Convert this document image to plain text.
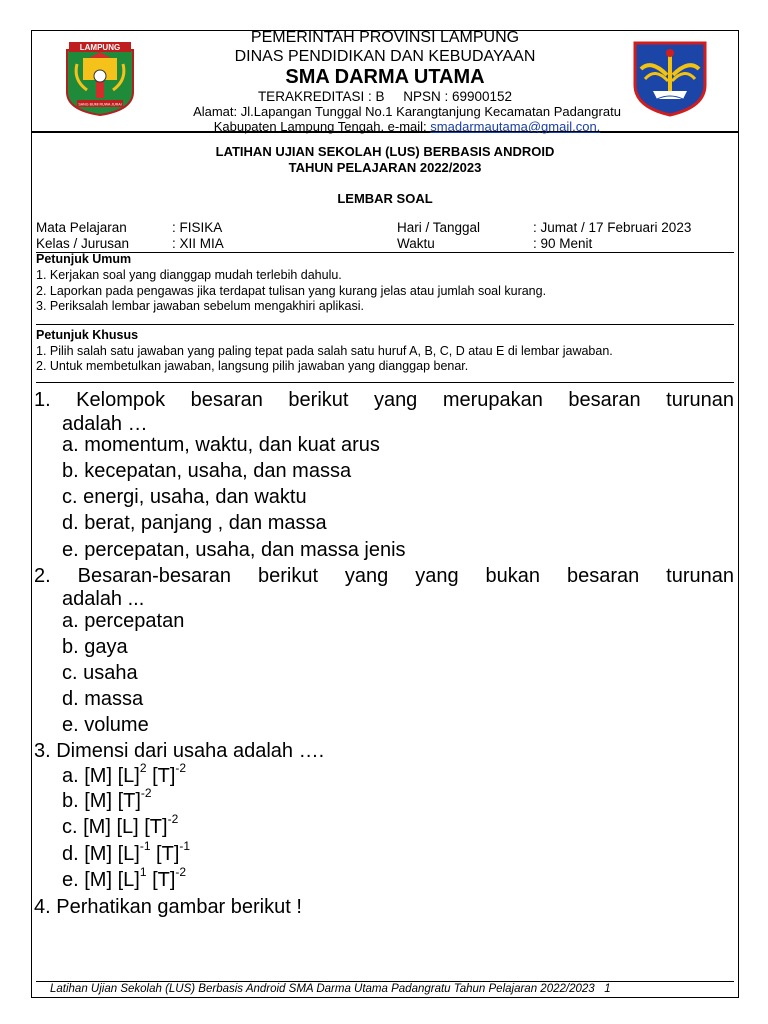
LAMPUNG
SANG BUMI RUWA JURAI
PEMERINTAH PROVINSI LAMPUNG
DINAS PENDIDIKAN DAN KEBUDAYAAN
SMA DARMA UTAMA
TERAKREDITASI : B     NPSN : 69900152
Alamat: Jl.Lapangan Tunggal No.1 Karangtanjung Kecamatan Padangratu
Kabupaten Lampung Tengah, e-mail: smadarmautama@gmail.con.
LATIHAN UJIAN SEKOLAH (LUS) BERBASIS ANDROID
TAHUN PELAJARAN 2022/2023
LEMBAR SOAL
Mata Pelajaran	: FISIKA	Hari / Tanggal	: Jumat / 17 Februari 2023
Kelas / Jurusan	: XII MIA	Waktu	: 90 Menit
Petunjuk Umum
1. Kerjakan soal yang dianggap mudah terlebih dahulu.
2. Laporkan pada pengawas jika terdapat tulisan yang kurang jelas atau jumlah soal kurang.
3. Periksalah lembar jawaban sebelum mengakhiri aplikasi.
Petunjuk Khusus
1. Pilih salah satu jawaban yang paling tepat pada salah satu huruf A, B, C, D atau E di lembar jawaban.
2. Untuk membetulkan jawaban, langsung pilih jawaban yang dianggap benar.
1. Kelompok besaran berikut yang merupakan besaran turunan
adalah …
a. momentum, waktu, dan kuat arus
b. kecepatan, usaha, dan massa
c. energi, usaha, dan waktu
d. berat, panjang , dan massa
e. percepatan, usaha, dan massa jenis
2. Besaran-besaran berikut yang yang bukan besaran turunan
adalah ...
a. percepatan
b. gaya
c. usaha
d. massa
e. volume
3. Dimensi dari usaha adalah ….
a. [M] $[L]^2$ $[T]^{-2}$
b. [M] $[T]^{-2}$
c. [M] [L] $[T]^{-2}$
d. [M] $[L]^{-1}$ $[T]^{-1}$
e. [M] $[L]^1$ $[T]^{-2}$
4. Perhatikan gambar berikut !
Latihan Ujian Sekolah (LUS) Berbasis Android SMA Darma Utama Padangratu Tahun Pelajaran 2022/2023 1
